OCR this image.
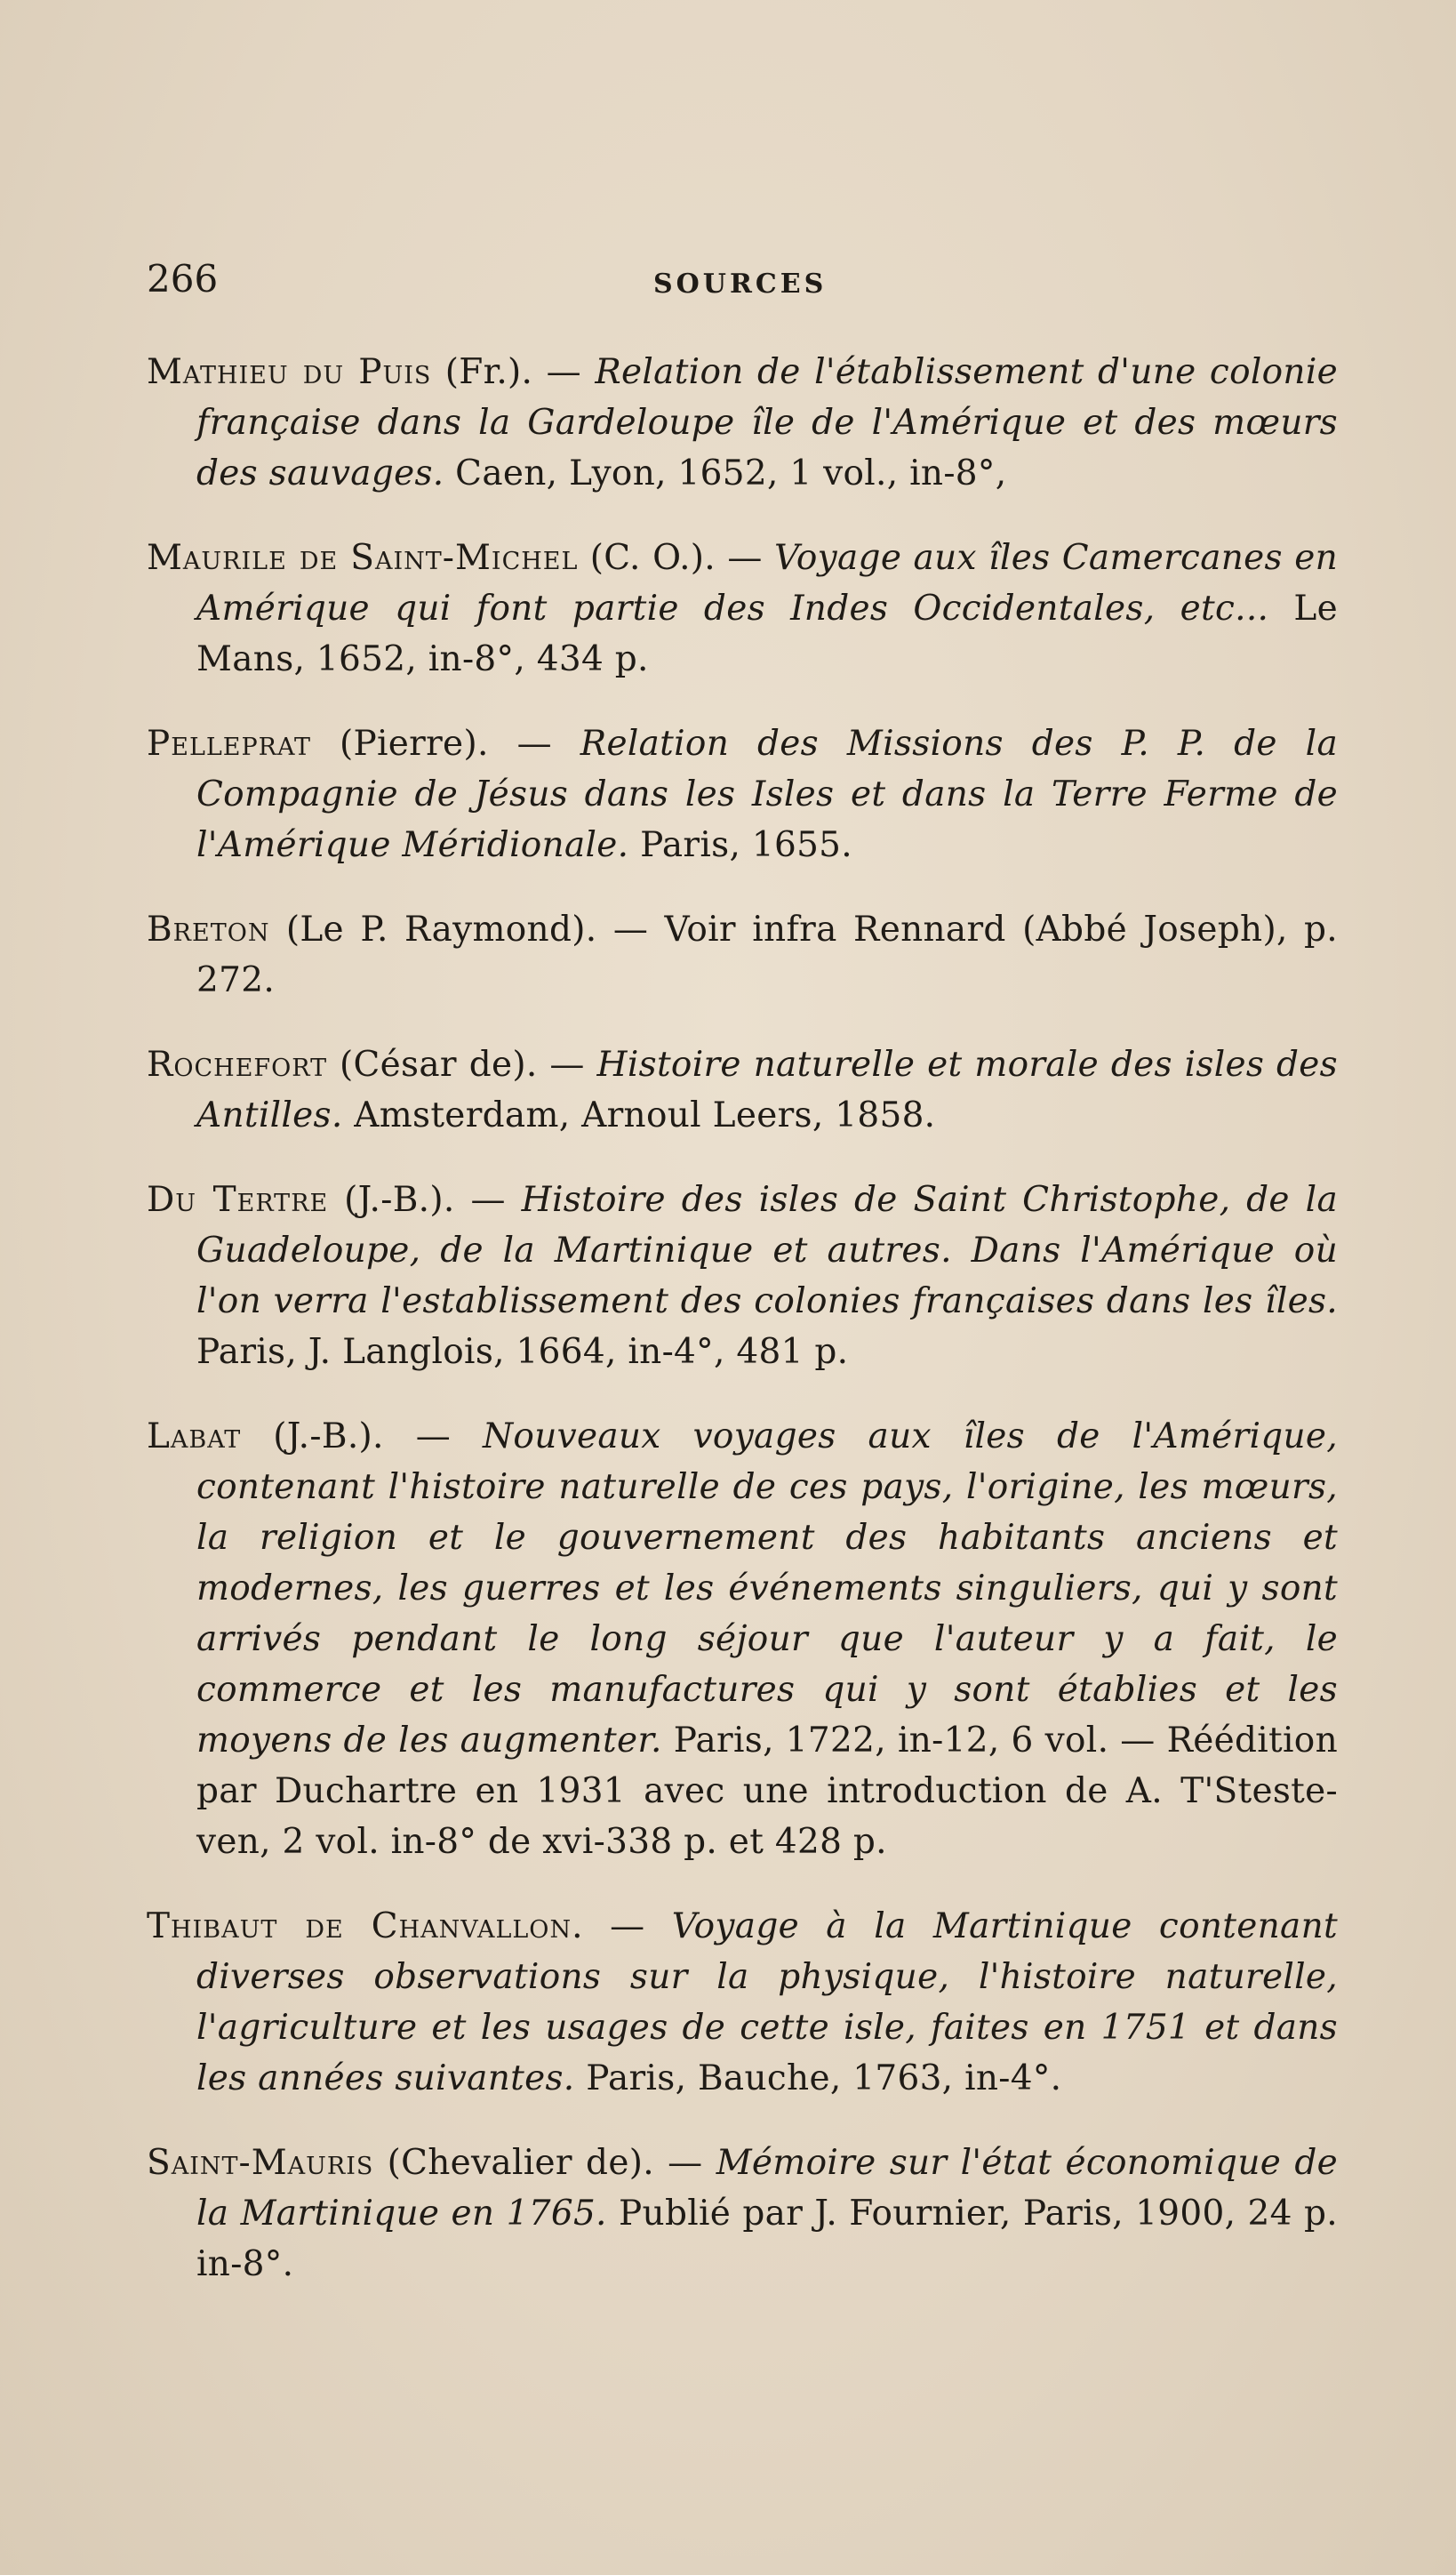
266	SOURCES

Mathieu du Puis (Fr.). — Relation de l'établissement d'une colonie française dans la Gardeloupe île de l'Amérique et des mœurs des sauvages. Caen, Lyon, 1652, 1 vol., in-8°,

Maurile de Saint-Michel (C. O.). — Voyage aux îles Camercanes en Amérique qui font partie des Indes Occidentales, etc... Le Mans, 1652, in-8°, 434 p.

Pelleprat (Pierre). — Relation des Missions des P. P. de la Compagnie de Jésus dans les Isles et dans la Terre Ferme de l'Amérique Méridionale. Paris, 1655.

Breton (Le P. Raymond). — Voir infra Rennard (Abbé Joseph), p. 272.

Rochefort (César de). — Histoire naturelle et morale des isles des Antilles. Amsterdam, Arnoul Leers, 1858.

Du Tertre (J.-B.). — Histoire des isles de Saint Christophe, de la Guadeloupe, de la Martinique et autres. Dans l'Amérique où l'on verra l'establissement des colonies françaises dans les îles. Paris, J. Langlois, 1664, in-4°, 481 p.

Labat (J.-B.). — Nouveaux voyages aux îles de l'Amérique, contenant l'histoire naturelle de ces pays, l'origine, les mœurs, la religion et le gouvernement des habitants anciens et modernes, les guerres et les événements singuliers, qui y sont arrivés pendant le long séjour que l'auteur y a fait, le commerce et les manufactures qui y sont établies et les moyens de les augmenter. Paris, 1722, in-12, 6 vol. — Réédition par Duchartre en 1931 avec une introduction de A. T'Steste-ven, 2 vol. in-8° de xvi-338 p. et 428 p.

Thibaut de Chanvallon. — Voyage à la Martinique contenant diverses observations sur la physique, l'histoire naturelle, l'agriculture et les usages de cette isle, faites en 1751 et dans les années suivantes. Paris, Bauche, 1763, in-4°.

Saint-Mauris (Chevalier de). — Mémoire sur l'état économique de la Martinique en 1765. Publié par J. Fournier, Paris, 1900, 24 p. in-8°.
